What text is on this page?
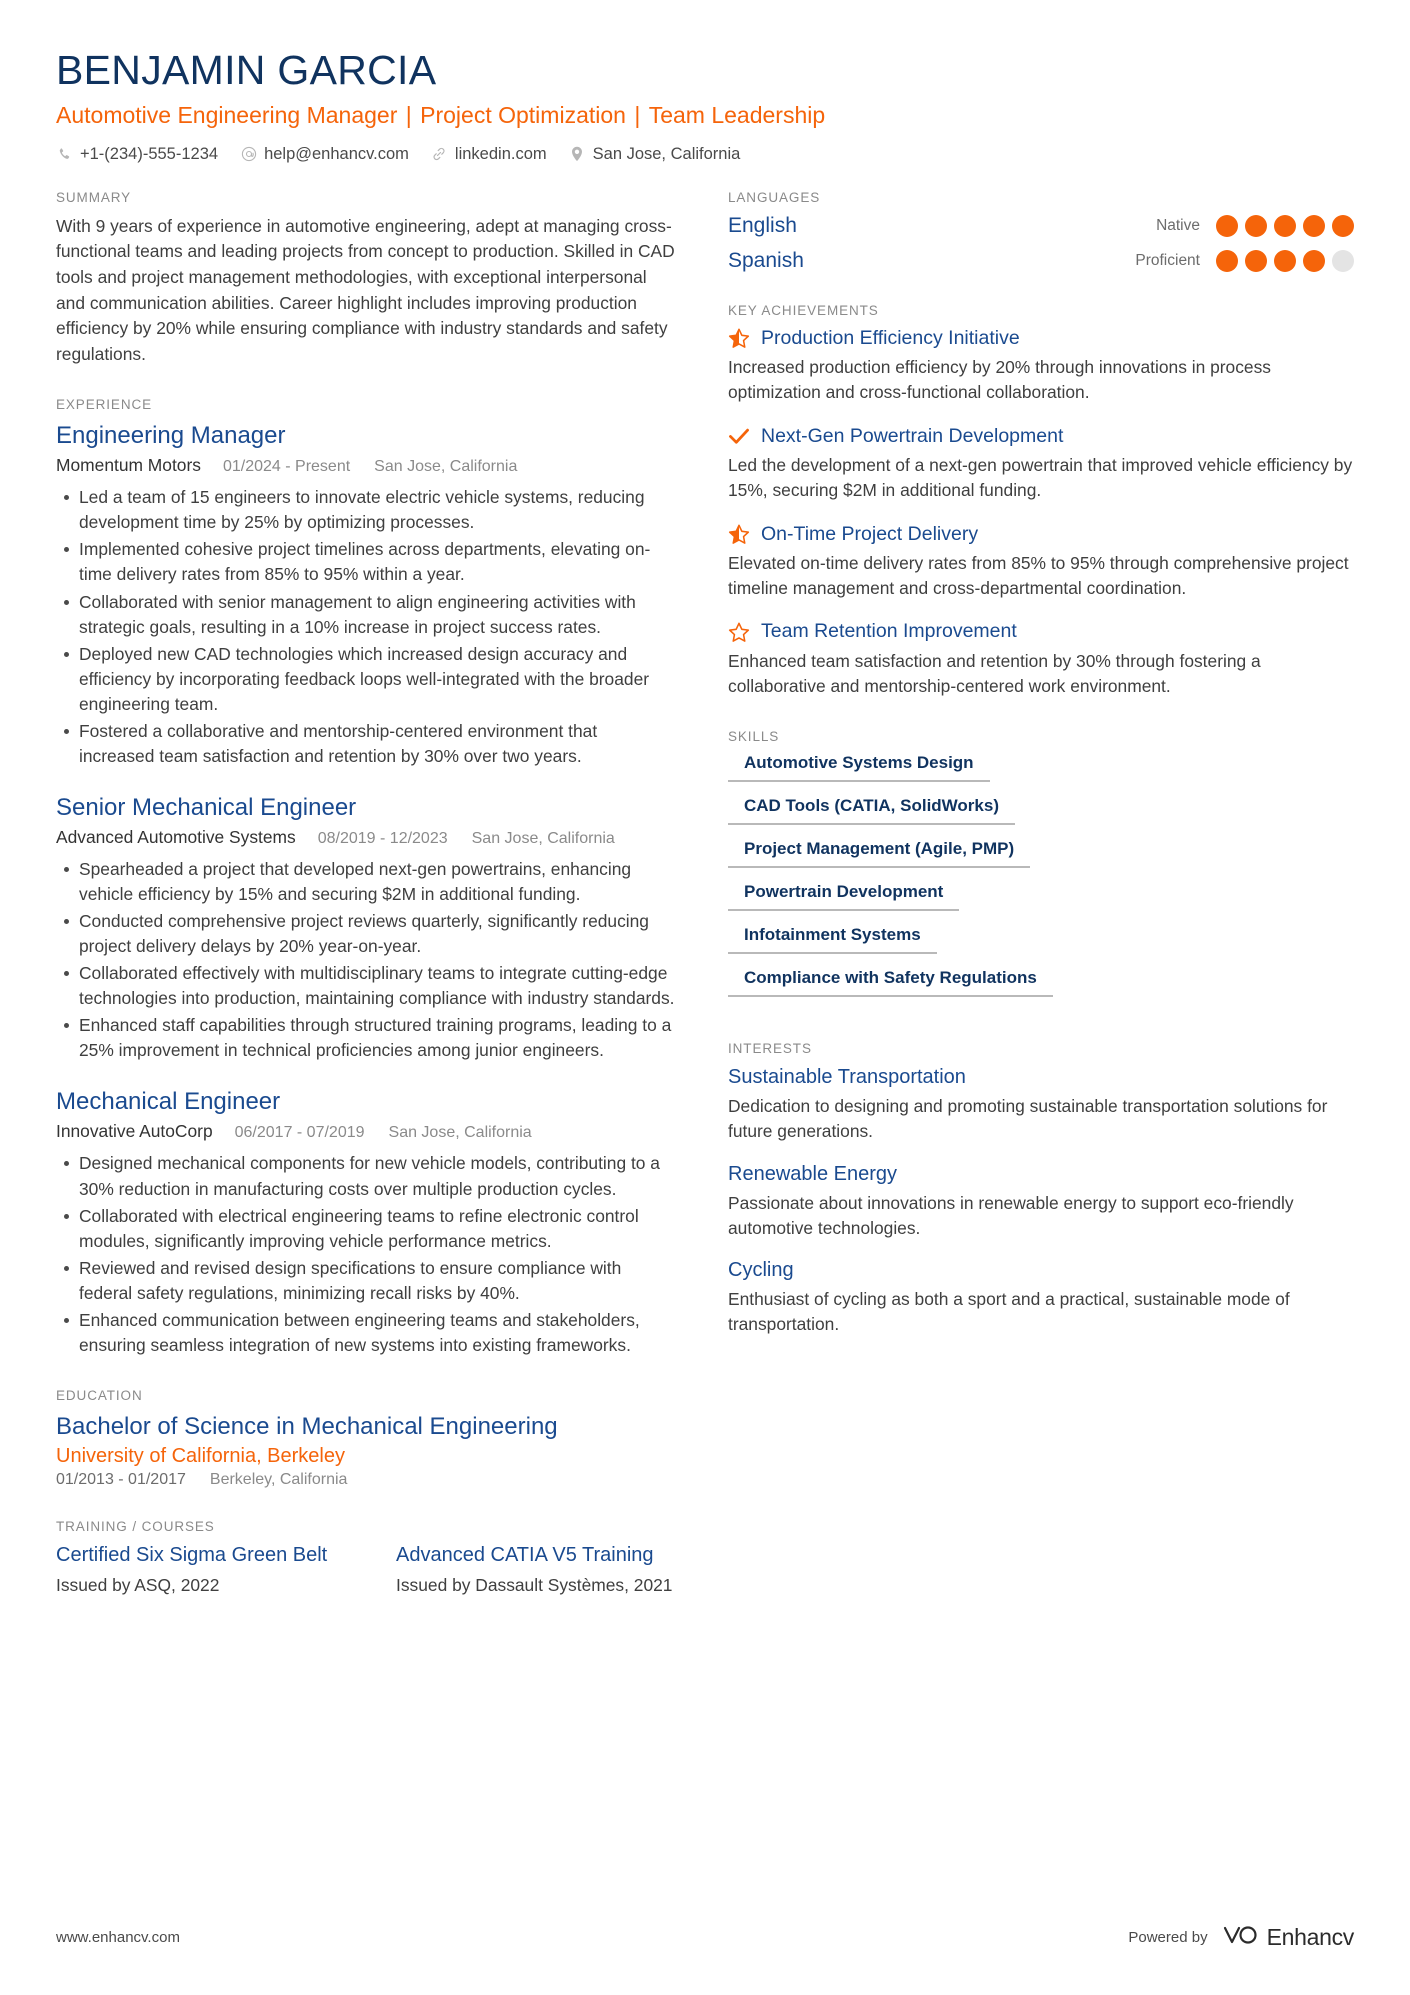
BENJAMIN GARCIA
Automotive Engineering Manager | Project Optimization | Team Leadership
+1-(234)-555-1234	help@enhancv.com	linkedin.com	San Jose, California
SUMMARY
With 9 years of experience in automotive engineering, adept at managing cross-functional teams and leading projects from concept to production. Skilled in CAD tools and project management methodologies, with exceptional interpersonal and communication abilities. Career highlight includes improving production efficiency by 20% while ensuring compliance with industry standards and safety regulations.
EXPERIENCE
Engineering Manager
Momentum Motors 01/2024 - Present San Jose, California
Led a team of 15 engineers to innovate electric vehicle systems, reducing development time by 25% by optimizing processes.
Implemented cohesive project timelines across departments, elevating on-time delivery rates from 85% to 95% within a year.
Collaborated with senior management to align engineering activities with strategic goals, resulting in a 10% increase in project success rates.
Deployed new CAD technologies which increased design accuracy and efficiency by incorporating feedback loops well-integrated with the broader engineering team.
Fostered a collaborative and mentorship-centered environment that increased team satisfaction and retention by 30% over two years.
Senior Mechanical Engineer
Advanced Automotive Systems 08/2019 - 12/2023 San Jose, California
Spearheaded a project that developed next-gen powertrains, enhancing vehicle efficiency by 15% and securing $2M in additional funding.
Conducted comprehensive project reviews quarterly, significantly reducing project delivery delays by 20% year-on-year.
Collaborated effectively with multidisciplinary teams to integrate cutting-edge technologies into production, maintaining compliance with industry standards.
Enhanced staff capabilities through structured training programs, leading to a 25% improvement in technical proficiencies among junior engineers.
Mechanical Engineer
Innovative AutoCorp 06/2017 - 07/2019 San Jose, California
Designed mechanical components for new vehicle models, contributing to a 30% reduction in manufacturing costs over multiple production cycles.
Collaborated with electrical engineering teams to refine electronic control modules, significantly improving vehicle performance metrics.
Reviewed and revised design specifications to ensure compliance with federal safety regulations, minimizing recall risks by 40%.
Enhanced communication between engineering teams and stakeholders, ensuring seamless integration of new systems into existing frameworks.
EDUCATION
Bachelor of Science in Mechanical Engineering
University of California, Berkeley
01/2013 - 01/2017 Berkeley, California
TRAINING / COURSES
Certified Six Sigma Green Belt
Issued by ASQ, 2022
Advanced CATIA V5 Training
Issued by Dassault Systèmes, 2021
LANGUAGES
English	Native
Spanish	Proficient
KEY ACHIEVEMENTS
Production Efficiency Initiative
Increased production efficiency by 20% through innovations in process optimization and cross-functional collaboration.
Next-Gen Powertrain Development
Led the development of a next-gen powertrain that improved vehicle efficiency by 15%, securing $2M in additional funding.
On-Time Project Delivery
Elevated on-time delivery rates from 85% to 95% through comprehensive project timeline management and cross-departmental coordination.
Team Retention Improvement
Enhanced team satisfaction and retention by 30% through fostering a collaborative and mentorship-centered work environment.
SKILLS
Automotive Systems Design
CAD Tools (CATIA, SolidWorks)
Project Management (Agile, PMP)
Powertrain Development
Infotainment Systems
Compliance with Safety Regulations
INTERESTS
Sustainable Transportation
Dedication to designing and promoting sustainable transportation solutions for future generations.
Renewable Energy
Passionate about innovations in renewable energy to support eco-friendly automotive technologies.
Cycling
Enthusiast of cycling as both a sport and a practical, sustainable mode of transportation.
www.enhancv.com	Powered by	Enhancv
